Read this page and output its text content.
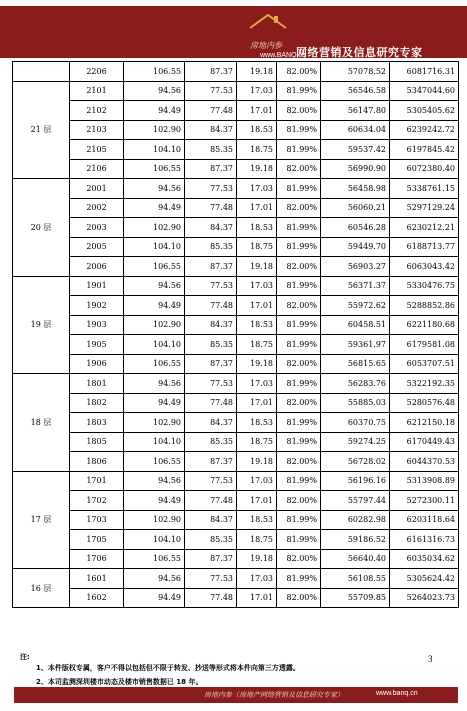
房地内参
www.BANQ.cn
网络营销及信息研究专家
	2206	106.55	87.37	19.18	82.00%	57078.52	6081716.31
21 层	2101	94.56	77.53	17.03	81.99%	56546.58	5347044.60
	2102	94.49	77.48	17.01	82.00%	56147.80	5305405.62
	2103	102.90	84.37	18.53	81.99%	60634.04	6239242.72
	2105	104.10	85.35	18.75	81.99%	59537.42	6197845.42
	2106	106.55	87.37	19.18	82.00%	56990.90	6072380.40
20 层	2001	94.56	77.53	17.03	81.99%	56458.98	5338761.15
	2002	94.49	77.48	17.01	82.00%	56060.21	5297129.24
	2003	102.90	84.37	18.53	81.99%	60546.28	6230212.21
	2005	104.10	85.35	18.75	81.99%	59449.70	6188713.77
	2006	106.55	87.37	19.18	82.00%	56903.27	6063043.42
19 层	1901	94.56	77.53	17.03	81.99%	56371.37	5330476.75
	1902	94.49	77.48	17.01	82.00%	55972.62	5288852.86
	1903	102.90	84.37	18.53	81.99%	60458.51	6221180.68
	1905	104.10	85.35	18.75	81.99%	59361.97	6179581.08
	1906	106.55	87.37	19.18	82.00%	56815.65	6053707.51
18 层	1801	94.56	77.53	17.03	81.99%	56283.76	5322192.35
	1802	94.49	77.48	17.01	82.00%	55885.03	5280576.48
	1803	102.90	84.37	18.53	81.99%	60370.75	6212150.18
	1805	104.10	85.35	18.75	81.99%	59274.25	6170449.43
	1806	106.55	87.37	19.18	82.00%	56728.02	6044370.53
17 层	1701	94.56	77.53	17.03	81.99%	56196.16	5313908.89
	1702	94.49	77.48	17.01	82.00%	55797.44	5272300.11
	1703	102.90	84.37	18.53	81.99%	60282.98	6203118.64
	1705	104.10	85.35	18.75	81.99%	59186.52	6161316.73
	1706	106.55	87.37	19.18	82.00%	56640.40	6035034.62
16 层	1601	94.56	77.53	17.03	81.99%	56108.55	5305624.42
	1602	94.49	77.48	17.01	82.00%	55709.85	5264023.73
注:
1、本件版权专属，客户不得以包括但不限于转发、抄送等形式将本件向第三方透露。
2、本司监测深圳楼市动态及楼市销售数据已 18 年。
3
房地内参（房地产网络营销及信息研究专家）	www.banq.cn
